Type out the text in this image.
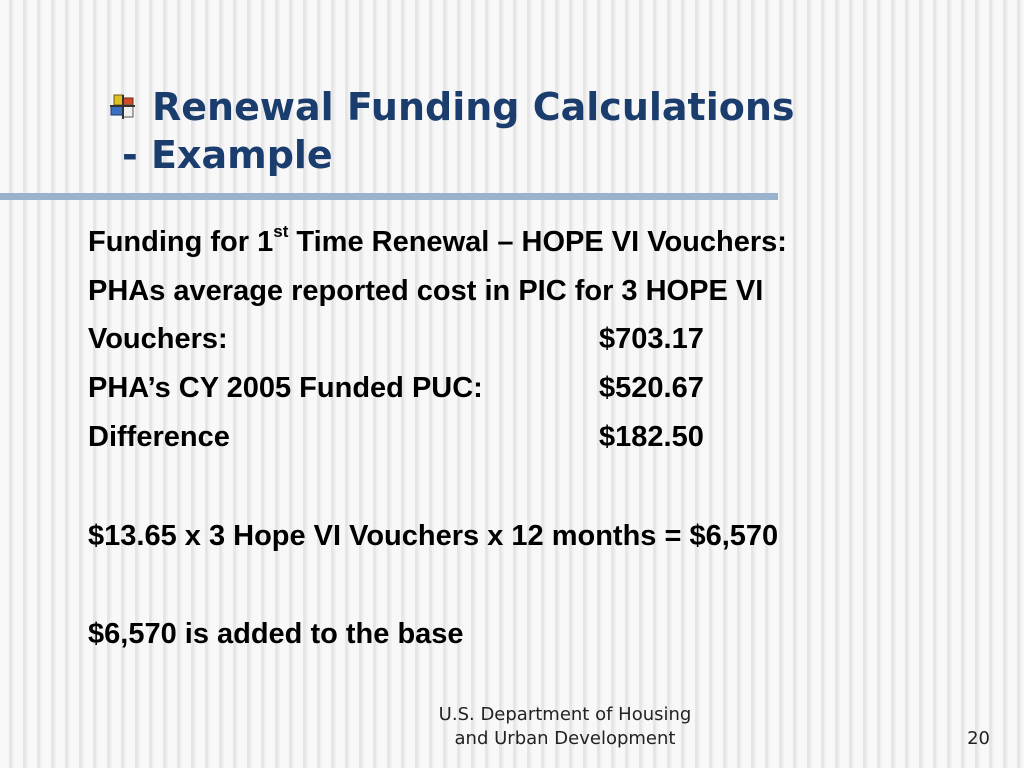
Renewal Funding Calculations
- Example
Funding for 1st Time Renewal – HOPE VI Vouchers:
PHAs average reported cost in PIC for 3 HOPE VI
Vouchers:	$703.17
PHA’s CY 2005 Funded PUC:	$520.67
Difference	$182.50
$13.65 x 3 Hope VI Vouchers x 12 months = $6,570
$6,570 is added to the base
U.S. Department of Housing
and Urban Development	20
